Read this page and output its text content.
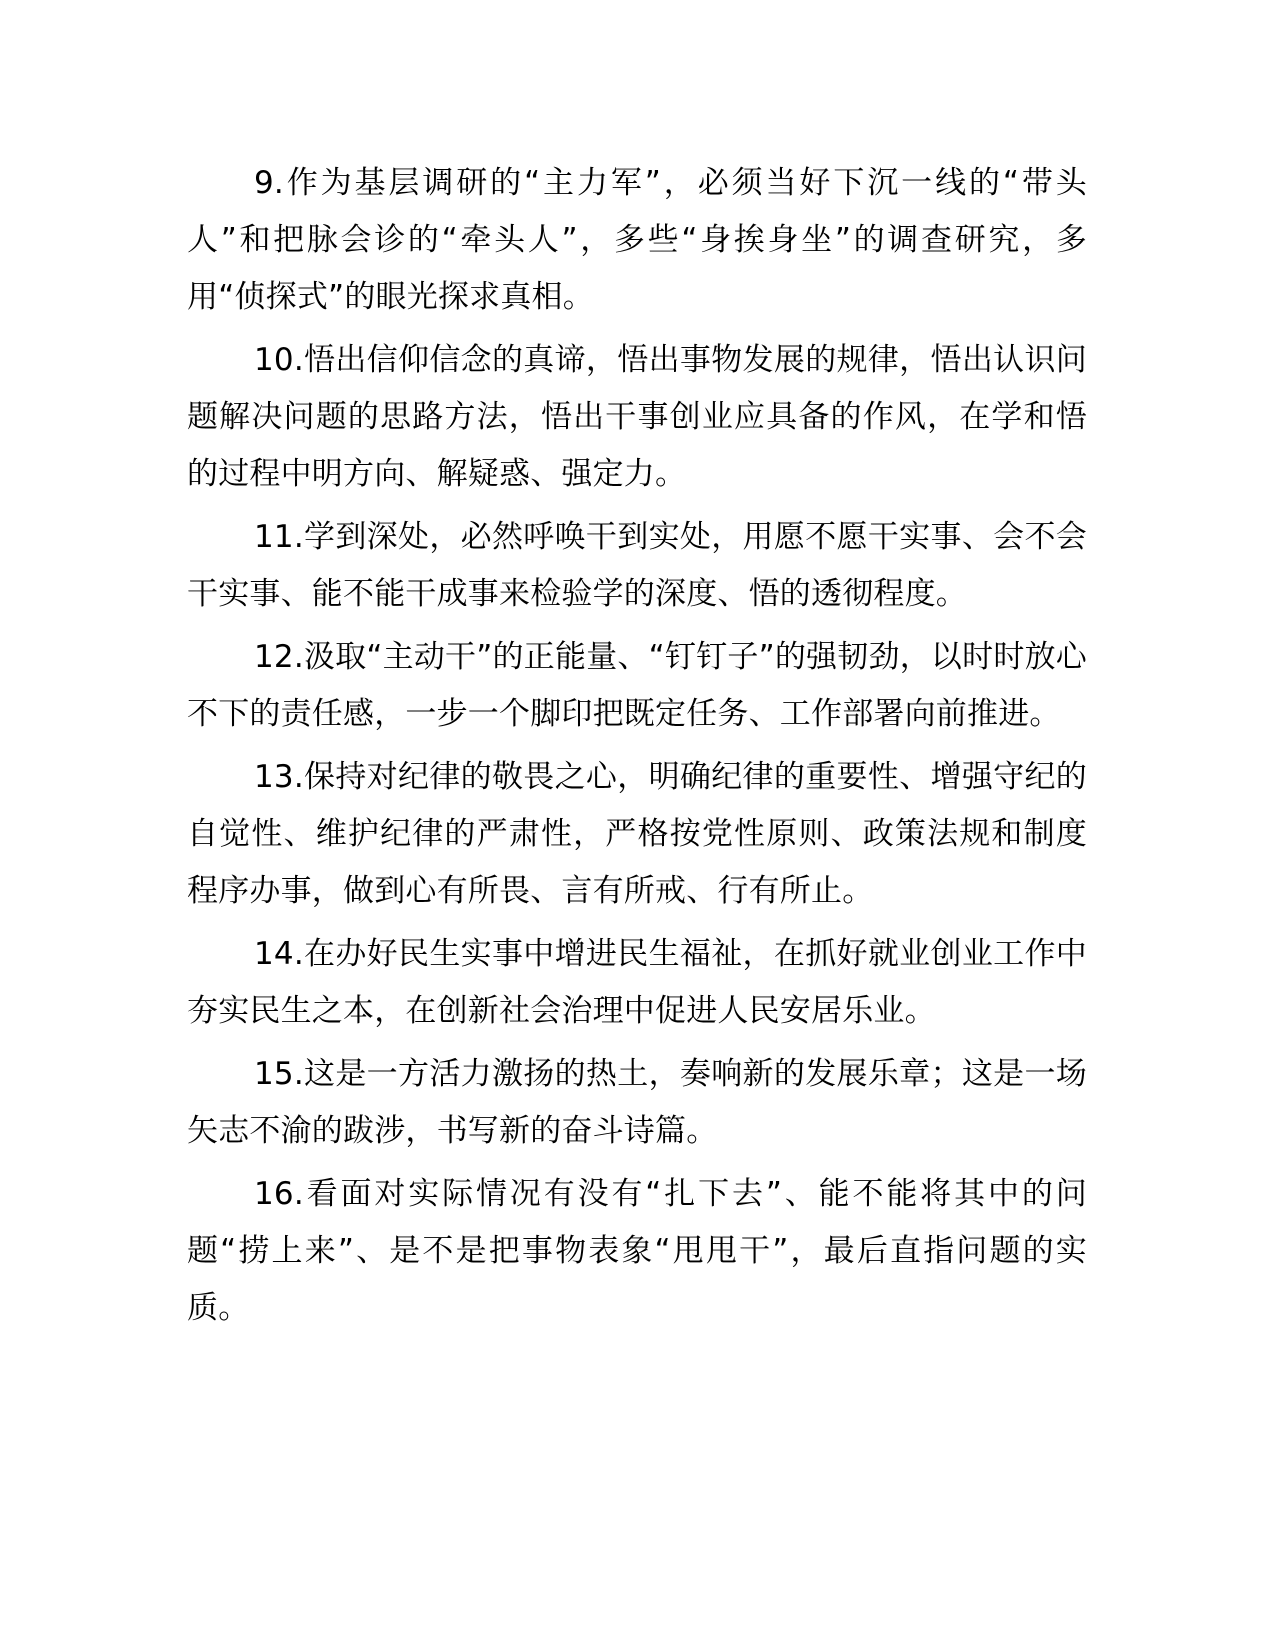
9.作为基层调研的“主力军”，必须当好下沉一线的“带头人”和把脉会诊的“牵头人”，多些“身挨身坐”的调查研究，多用“侦探式”的眼光探求真相。

10.悟出信仰信念的真谛，悟出事物发展的规律，悟出认识问题解决问题的思路方法，悟出干事创业应具备的作风，在学和悟的过程中明方向、解疑惑、强定力。

11.学到深处，必然呼唤干到实处，用愿不愿干实事、会不会干实事、能不能干成事来检验学的深度、悟的透彻程度。

12.汲取“主动干”的正能量、“钉钉子”的强韧劲，以时时放心不下的责任感，一步一个脚印把既定任务、工作部署向前推进。

13.保持对纪律的敬畏之心，明确纪律的重要性、增强守纪的自觉性、维护纪律的严肃性，严格按党性原则、政策法规和制度程序办事，做到心有所畏、言有所戒、行有所止。

14.在办好民生实事中增进民生福祉，在抓好就业创业工作中夯实民生之本，在创新社会治理中促进人民安居乐业。

15.这是一方活力激扬的热土，奏响新的发展乐章；这是一场矢志不渝的跋涉，书写新的奋斗诗篇。

16.看面对实际情况有没有“扎下去”、能不能将其中的问题“捞上来”、是不是把事物表象“甩甩干”，最后直指问题的实质。
